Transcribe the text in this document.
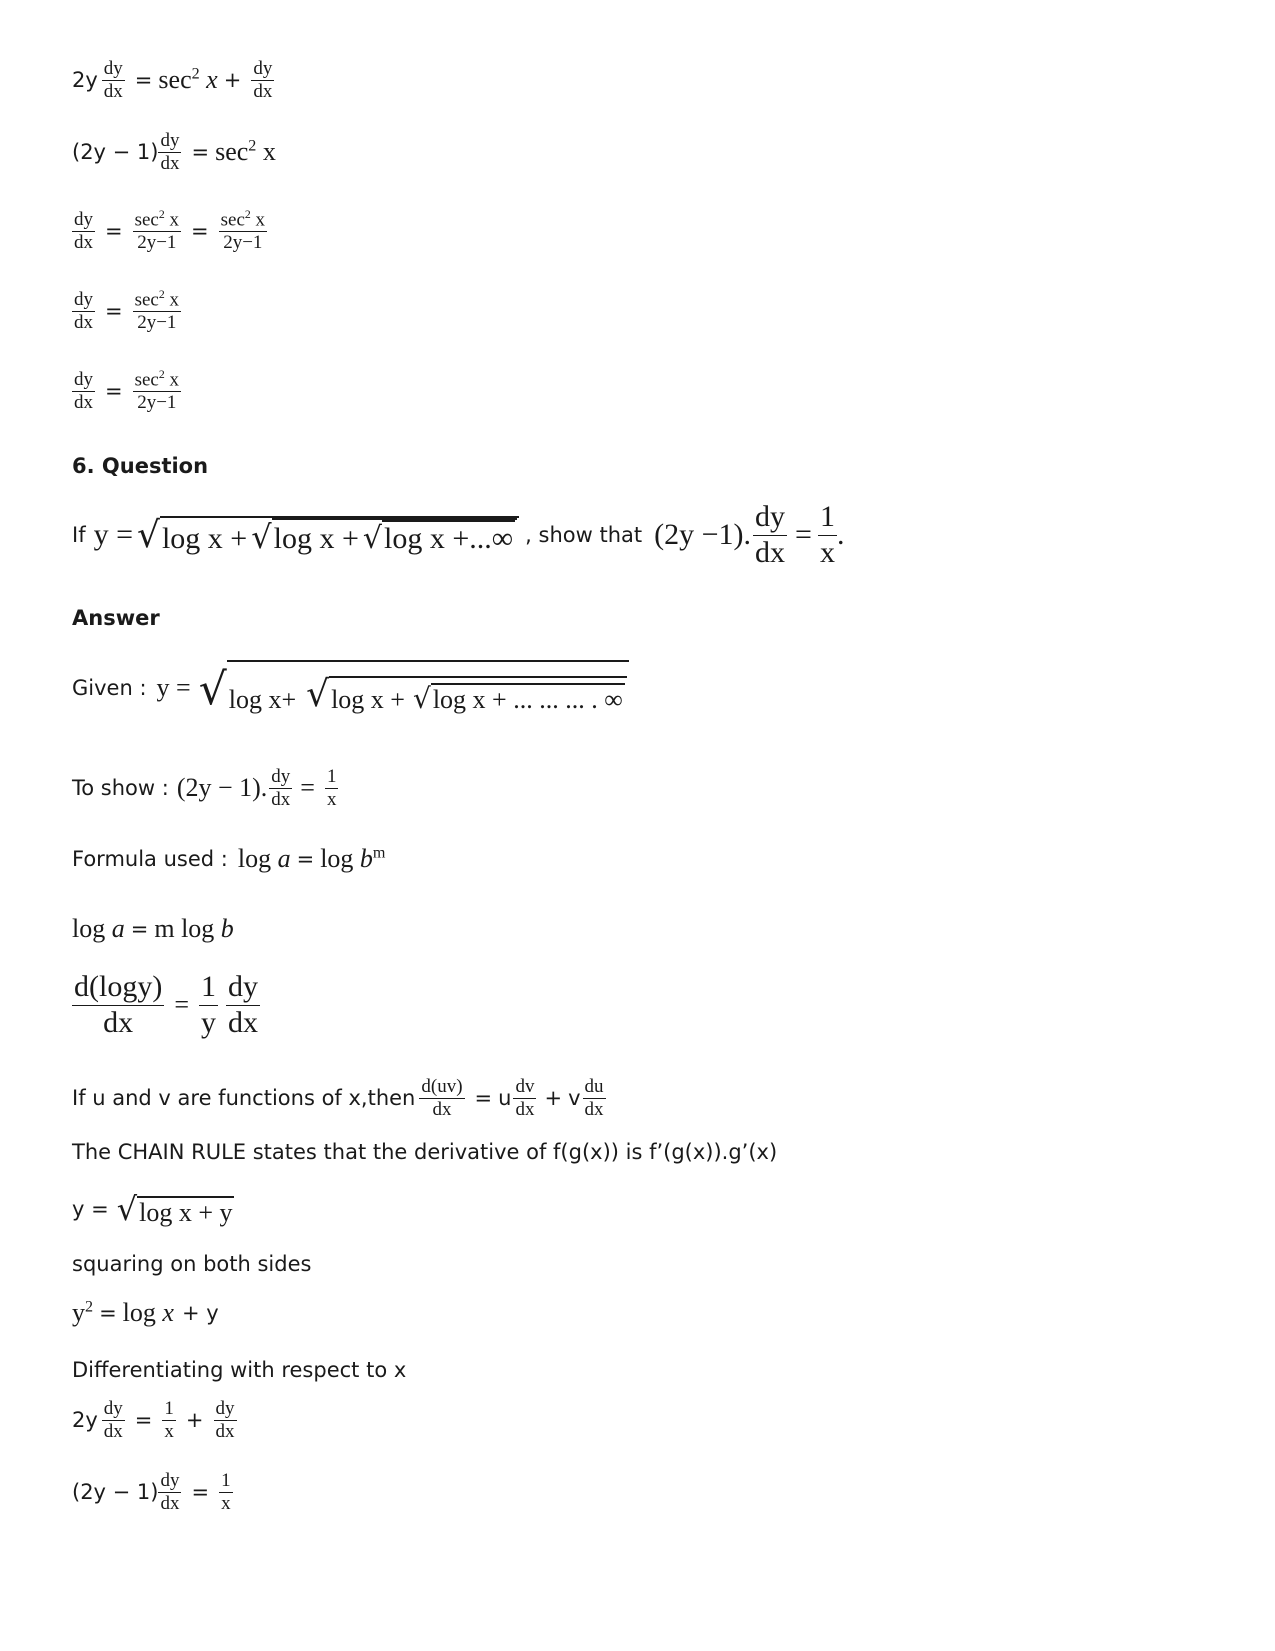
$2y \frac{dy}{dx} = \sec^2 x + \frac{dy}{dx}$
$(2y - 1) \frac{dy}{dx} = \sec^2 x$
$\frac{dy}{dx} = \frac{\sec^2 x}{2y-1} = \frac{\sec^2 x}{2y-1}$
$\frac{dy}{dx} = \frac{\sec^2 x}{2y-1}$
$\frac{dy}{dx} = \frac{\sec^2 x}{2y-1}$
6. Question
If y = √ log x + √ log x + √ log x +...∞ , show that (2y −1). $\frac{dy}{dx} = \frac{1}{x}$ .
Answer
Given : y = √ log x+ √ log x + √ log x + ... ... ... . ∞
To show : (2y − 1). $\frac{dy}{dx} = \frac{1}{x}$
Formula used : $\log a = \log b^m$
log a = m log b
$\frac{d(\log y)}{dx} = \frac{1}{y} \frac{dy}{dx}$
If u and v are functions of x,then $\frac{d(uv)}{dx} = u \frac{dv}{dx} + v \frac{du}{dx}$
The CHAIN RULE states that the derivative of f(g(x)) is f’(g(x)).g’(x)
y = √ log x + y
squaring on both sides
$y^2 = \log x + y$
Differentiating with respect to x
$2y \frac{dy}{dx} = \frac{1}{x} + \frac{dy}{dx}$
$(2y - 1) \frac{dy}{dx} = \frac{1}{x}$
